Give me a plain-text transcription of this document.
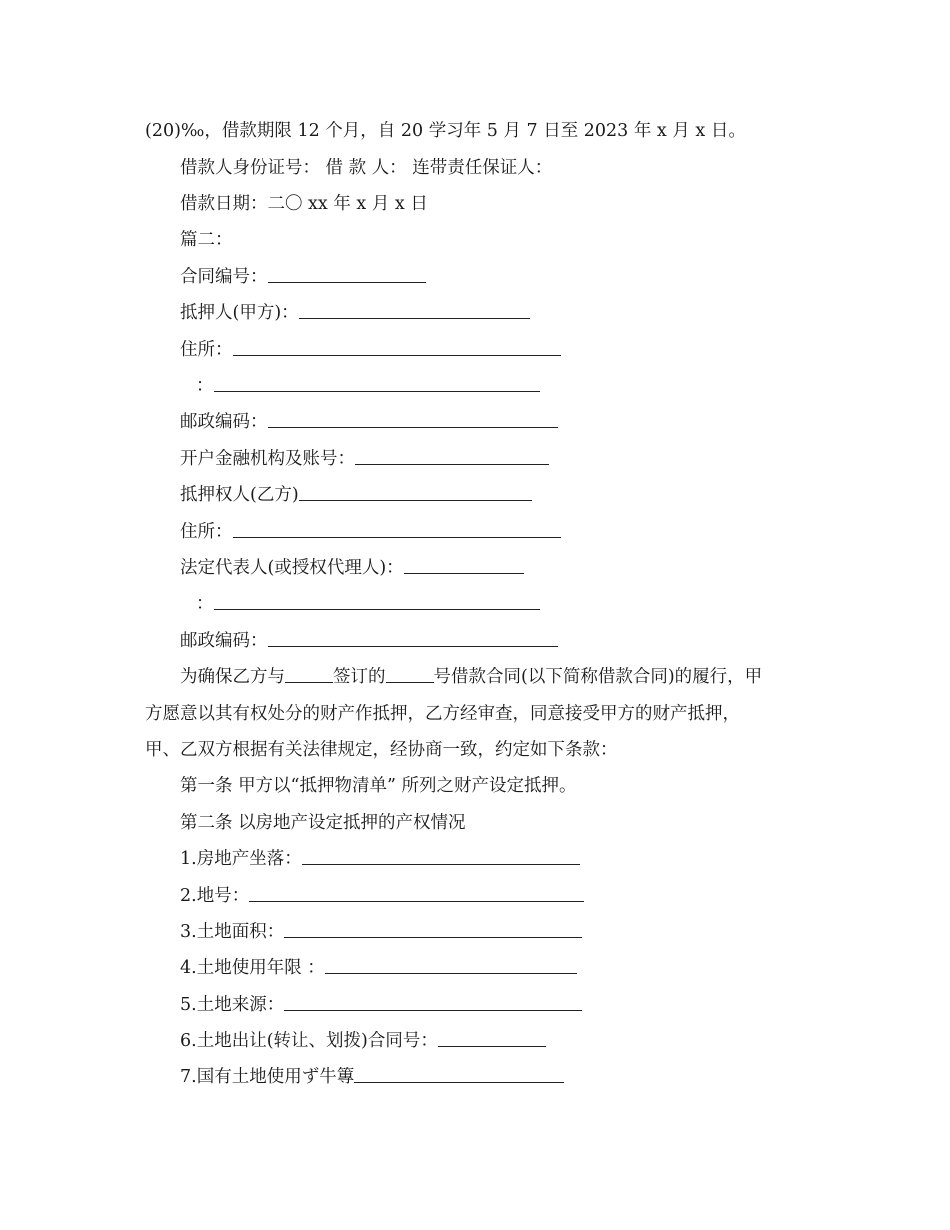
(20)‰，借款期限 12 个月，自 20 学习年 5 月 7 日至 2023 年 x 月 x 日。
借款人身份证号： 借 款 人： 连带责任保证人：
借款日期：二〇 xx 年 x 月 x 日
篇二：
合同编号：
抵押人(甲方)：
住所：
：
邮政编码：
开户金融机构及账号：
抵押权人(乙方)
住所：
法定代表人(或授权代理人)：
：
邮政编码：
为确保乙方与	签订的	号借款合同(以下简称借款合同)的履行，甲
方愿意以其有权处分的财产作抵押，乙方经审查，同意接受甲方的财产抵押，
甲、乙双方根据有关法律规定，经协商一致，约定如下条款：
第一条 甲方以“抵押物清单” 所列之财产设定抵押。
第二条 以房地产设定抵押的产权情况
1.房地产坐落：
2.地号：
3.土地面积：
4.土地使用年限 ：
5.土地来源：
6.土地出让(转让、划拨)合同号：
7.国有土地使用ず牛篿
